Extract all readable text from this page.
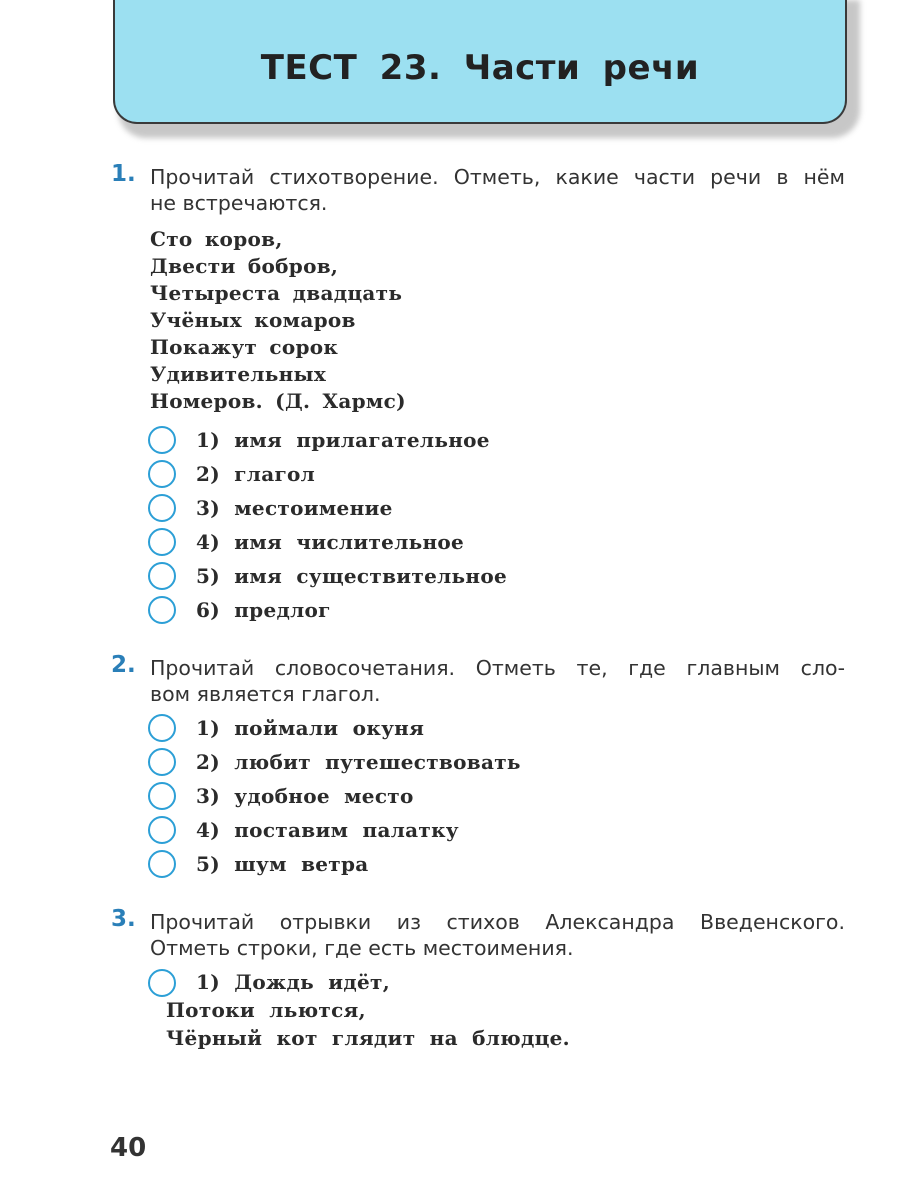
ТЕСТ 23. Части речи
1. Прочитай стихотворение. Отметь, какие части речи в нём

не встречаются.

Сто коров,
Двести бобров,
Четыреста двадцать
Учёных комаров
Покажут сорок
Удивительных
Номеров. (Д. Хармс)
1) имя прилагательное
2) глагол
3) местоимение
4) имя числительное
5) имя существительное
6) предлог
2. Прочитай словосочетания. Отметь те, где главным сло-

вом является глагол.

1) поймали окуня
2) любит путешествовать
3) удобное место
4) поставим палатку
5) шум ветра
3. Прочитай отрывки из стихов Александра Введенского.

Отметь строки, где есть местоимения.

1) Дождь идёт,
Потоки льются,
Чёрный кот глядит на блюдце.
40
